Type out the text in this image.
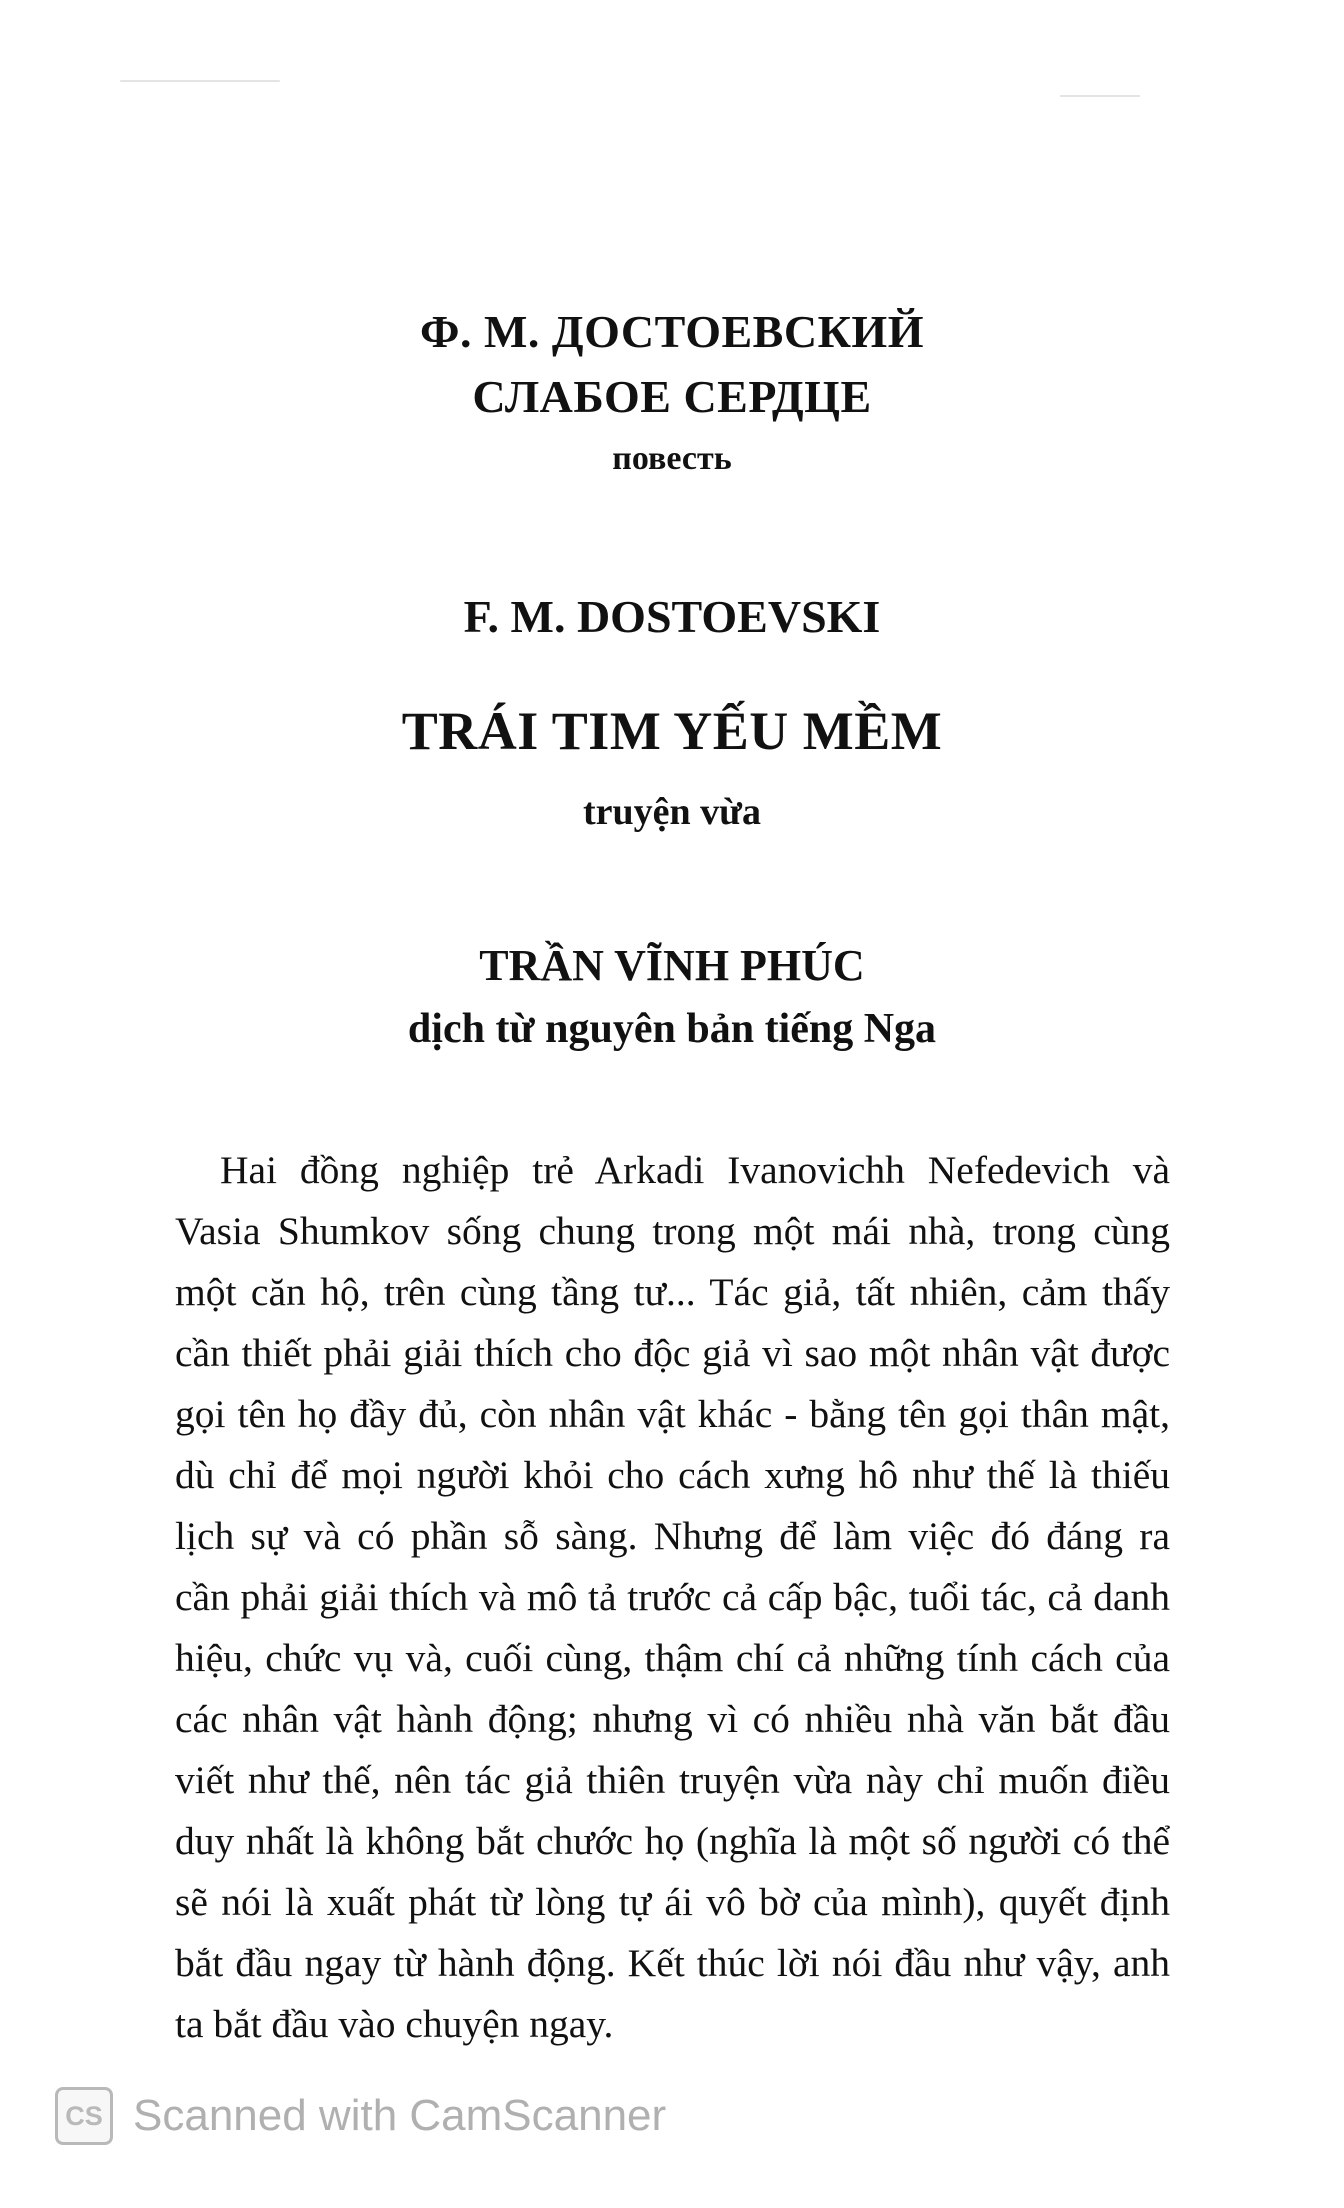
Ф. М. ДОСТОЕВСКИЙ
СЛАБОЕ СЕРДЦЕ
повесть
F. M. DOSTOEVSKI
TRÁI TIM YẾU MỀM
truyện vừa
TRẦN VĨNH PHÚC
dịch từ nguyên bản tiếng Nga
Hai đồng nghiệp trẻ Arkadi Ivanovichh Nefedevich và
Vasia Shumkov sống chung trong một mái nhà, trong cùng
một căn hộ, trên cùng tầng tư... Tác giả, tất nhiên, cảm thấy
cần thiết phải giải thích cho độc giả vì sao một nhân vật được
gọi tên họ đầy đủ, còn nhân vật khác - bằng tên gọi thân mật,
dù chỉ để mọi người khỏi cho cách xưng hô như thế là thiếu
lịch sự và có phần sỗ sàng. Nhưng để làm việc đó đáng ra
cần phải giải thích và mô tả trước cả cấp bậc, tuổi tác, cả danh
hiệu, chức vụ và, cuối cùng, thậm chí cả những tính cách của
các nhân vật hành động; nhưng vì có nhiều nhà văn bắt đầu
viết như thế, nên tác giả thiên truyện vừa này chỉ muốn điều
duy nhất là không bắt chước họ (nghĩa là một số người có thể
sẽ nói là xuất phát từ lòng tự ái vô bờ của mình), quyết định
bắt đầu ngay từ hành động. Kết thúc lời nói đầu như vậy, anh
ta bắt đầu vào chuyện ngay.
CS Scanned with CamScanner
